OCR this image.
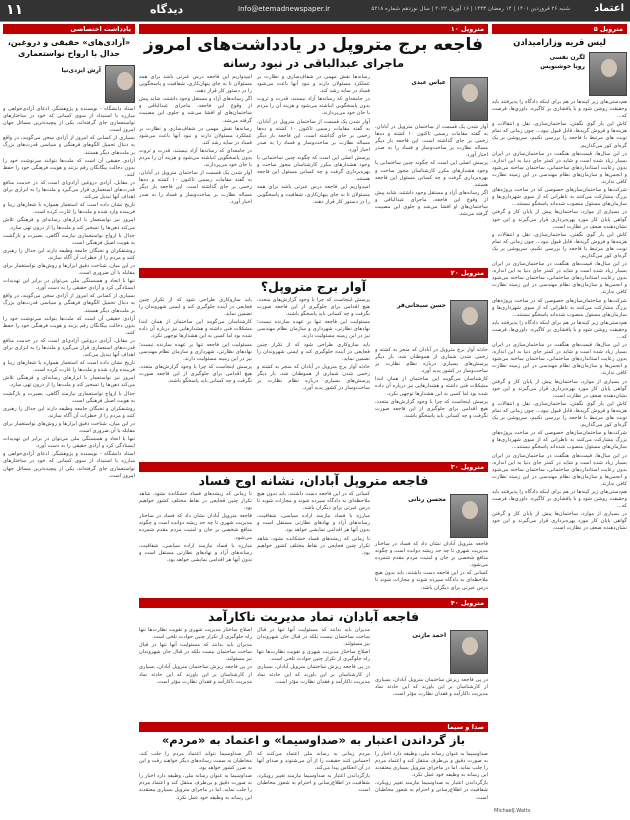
۱۱	دیدگاه	Info@etemadnewspaper.ir	شنبه ۲۶ فروردین ۱۴۰۱ | ۱۴ رمضان ۱۴۴۳ | ۱۶ آوریل ۲۰۲۲ | سال نوزدهم شماره ۵۲۱۸ اعتماد
متروپل ۵
لیس قریه وزارامیدادن
لگرن نفسی
رویا خوشنویس

هم‌دستی‌های زیر کینه‌ها در هم برای اینکه دادگاه را پذیرفتند باید وحقیقت روشن شود و با پافشاری بر کاگیره. داوري‌ها، فرصت كه...

کاش این بار گوی نگفتن، ساختمان‌سازی، نقل و انتقالات و هزینه‌ها و فروش گریه‌ها، قابل قبول نبود... چون زمانی که تمام نوبت های مرتبط با فاجعه را بررسی نکنیم، سرپوشی بر یک گره‌ای کور می‌گذاریم.

در این سال‌ها، قیمت‌های هنگفت در ساختمان‌سازی در ایران بسیار زیاد شده است و شاید در کمتر جای دنیا به این اندازه، بدون رعایت استانداردهای ساختمانی، ساختمان ساخته می‌شود و انجمن‌ها و سازمان‌های نظام مهندسی در این زمینه نظارت کافی ندارند.

شرکت‌ها و ساختمان‌سازهای خصوصی که در ساخت پروژه‌های بزرگ مشارکت می‌کنند به ناظرانی که از سوی شهرداری‌ها و سازمان‌های مسئول منصوب شده‌اند پاسخگو نیستند...

در بسیاری از موارد، ساختمان‌ها پیش از پایان کار و گرفتن گواهی پایان کار مورد بهره‌برداری قرار می‌گیرند و این خود نشان‌دهنده ضعف در نظارت است.

کاش این بار گوی نگفتن، ساختمان‌سازی، نقل و انتقالات و هزینه‌ها و فروش گریه‌ها، قابل قبول نبود... چون زمانی که تمام نوبت های مرتبط با فاجعه را بررسی نکنیم، سرپوشی بر یک گره‌ای کور می‌گذاریم.

در این سال‌ها، قیمت‌های هنگفت در ساختمان‌سازی در ایران بسیار زیاد شده است و شاید در کمتر جای دنیا به این اندازه، بدون رعایت استانداردهای ساختمانی، ساختمان ساخته می‌شود و انجمن‌ها و سازمان‌های نظام مهندسی در این زمینه نظارت کافی ندارند.

شرکت‌ها و ساختمان‌سازهای خصوصی که در ساخت پروژه‌های بزرگ مشارکت می‌کنند به ناظرانی که از سوی شهرداری‌ها و سازمان‌های مسئول منصوب شده‌اند پاسخگو نیستند...

هم‌دستی‌های زیر کینه‌ها در هم برای اینکه دادگاه را پذیرفتند باید وحقیقت روشن شود و با پافشاری بر کاگیره. داوري‌ها، فرصت كه...

در این سال‌ها، قیمت‌های هنگفت در ساختمان‌سازی در ایران بسیار زیاد شده است و شاید در کمتر جای دنیا به این اندازه، بدون رعایت استانداردهای ساختمانی، ساختمان ساخته می‌شود و انجمن‌ها و سازمان‌های نظام مهندسی در این زمینه نظارت کافی ندارند.

در بسیاری از موارد، ساختمان‌ها پیش از پایان کار و گرفتن گواهی پایان کار مورد بهره‌برداری قرار می‌گیرند و این خود نشان‌دهنده ضعف در نظارت است.

کاش این بار گوی نگفتن، ساختمان‌سازی، نقل و انتقالات و هزینه‌ها و فروش گریه‌ها، قابل قبول نبود... چون زمانی که تمام نوبت های مرتبط با فاجعه را بررسی نکنیم، سرپوشی بر یک گره‌ای کور می‌گذاریم.

شرکت‌ها و ساختمان‌سازهای خصوصی که در ساخت پروژه‌های بزرگ مشارکت می‌کنند به ناظرانی که از سوی شهرداری‌ها و سازمان‌های مسئول منصوب شده‌اند پاسخگو نیستند...

در این سال‌ها، قیمت‌های هنگفت در ساختمان‌سازی در ایران بسیار زیاد شده است و شاید در کمتر جای دنیا به این اندازه، بدون رعایت استانداردهای ساختمانی، ساختمان ساخته می‌شود و انجمن‌ها و سازمان‌های نظام مهندسی در این زمینه نظارت کافی ندارند.

هم‌دستی‌های زیر کینه‌ها در هم برای اینکه دادگاه را پذیرفتند باید وحقیقت روشن شود و با پافشاری بر کاگیره. داوري‌ها، فرصت كه...

در بسیاری از موارد، ساختمان‌ها پیش از پایان کار و گرفتن گواهی پایان کار مورد بهره‌برداری قرار می‌گیرند و این خود نشان‌دهنده ضعف در نظارت است.

MichaelJ.Watts
متروپل ۱۰
فاجعه برج متروپل در یادداشت‌های امروز
ماجرای عبدالباقی در نبود رسانه
عباس عبدی

آوار شدن یک قسمت از ساختمان متروپل در آبادان، به گفته مقامات رسمی تاکنون ۱۰ کشته و ده‌ها زخمی بر جای گذاشته است. این فاجعه بار دیگر مساله نظارت بر ساخت‌وساز و فساد را به صدر اخبار آورد.

پرسش اصلی این است که چگونه چنین ساختمانی با وجود هشدارهای مکرر کارشناسان مجوز ساخت و بهره‌برداری گرفت و چه کسانی مسئول این فاجعه هستند.

اگر رسانه‌های آزاد و مستقل وجود داشتند، شاید پیش از وقوع این فاجعه، ماجرای عبدالباقی و ساختمان‌های او افشا می‌شد و جلوی این مصیبت گرفته می‌شد.

رسانه‌ها نقش مهمی در شفاف‌سازی و نظارت بر عملکرد مسئولان دارند و نبود آنها باعث می‌شود فساد در سایه رشد کند.

در جامعه‌ای که رسانه‌ها آزاد نیستند، قدرت و ثروت بدون پاسخگویی انباشته می‌شود و هزینه آن را مردم با جان خود می‌پردازند.

آوار شدن یک قسمت از ساختمان متروپل در آبادان، به گفته مقامات رسمی تاکنون ۱۰ کشته و ده‌ها زخمی بر جای گذاشته است. این فاجعه بار دیگر مساله نظارت بر ساخت‌وساز و فساد را به صدر اخبار آورد.

پرسش اصلی این است که چگونه چنین ساختمانی با وجود هشدارهای مکرر کارشناسان مجوز ساخت و بهره‌برداری گرفت و چه کسانی مسئول این فاجعه هستند.

امیدواریم این فاجعه درس عبرتی باشد برای همه مسئولان تا به جای پنهان‌کاری، شفافیت و پاسخگویی را در دستور کار قرار دهند.

امیدواریم این فاجعه درس عبرتی باشد برای همه مسئولان تا به جای پنهان‌کاری، شفافیت و پاسخگویی را در دستور کار قرار دهند.

اگر رسانه‌های آزاد و مستقل وجود داشتند، شاید پیش از وقوع این فاجعه، ماجرای عبدالباقی و ساختمان‌های او افشا می‌شد و جلوی این مصیبت گرفته می‌شد.

رسانه‌ها نقش مهمی در شفاف‌سازی و نظارت بر عملکرد مسئولان دارند و نبود آنها باعث می‌شود فساد در سایه رشد کند.

در جامعه‌ای که رسانه‌ها آزاد نیستند، قدرت و ثروت بدون پاسخگویی انباشته می‌شود و هزینه آن را مردم با جان خود می‌پردازند.

آوار شدن یک قسمت از ساختمان متروپل در آبادان، به گفته مقامات رسمی تاکنون ۱۰ کشته و ده‌ها زخمی بر جای گذاشته است. این فاجعه بار دیگر مساله نظارت بر ساخت‌وساز و فساد را به صدر اخبار آورد.

متروپل ۲۰
آوار برج متروپل؟
حسن سبحانی‌فر

حادثه آوار برج متروپل در آبادان که منجر به کشته و زخمی شدن شماری از هموطنان شد، بار دیگر پرسش‌های بسیاری درباره نظام نظارت بر ساخت‌وساز در کشور پدید آورد.

کارشناسان می‌گویند این ساختمان از همان ابتدا مشکلات فنی داشته و هشدارهایی نیز درباره آن داده شده بود اما کسی به این هشدارها توجهی نکرد.

پرسش اینجاست که چرا با وجود گزارش‌های متعدد، هیچ اقدامی برای جلوگیری از این فاجعه صورت نگرفت و چه کسانی باید پاسخگو باشند.

پرسش اینجاست که چرا با وجود گزارش‌های متعدد، هیچ اقدامی برای جلوگیری از این فاجعه صورت نگرفت و چه کسانی باید پاسخگو باشند.

مسئولیت این فاجعه تنها بر عهده سازنده نیست؛ نهادهای نظارتی، شهرداری و سازمان نظام مهندسی نیز در این زمینه مسئولیت دارند.

باید سازوکاری طراحی شود که از تکرار چنین فجایعی در آینده جلوگیری کند و ایمنی شهروندان را تضمین نماید.

حادثه آوار برج متروپل در آبادان که منجر به کشته و زخمی شدن شماری از هموطنان شد، بار دیگر پرسش‌های بسیاری درباره نظام نظارت بر ساخت‌وساز در کشور پدید آورد.

باید سازوکاری طراحی شود که از تکرار چنین فجایعی در آینده جلوگیری کند و ایمنی شهروندان را تضمین نماید.

کارشناسان می‌گویند این ساختمان از همان ابتدا مشکلات فنی داشته و هشدارهایی نیز درباره آن داده شده بود اما کسی به این هشدارها توجهی نکرد.

مسئولیت این فاجعه تنها بر عهده سازنده نیست؛ نهادهای نظارتی، شهرداری و سازمان نظام مهندسی نیز در این زمینه مسئولیت دارند.

پرسش اینجاست که چرا با وجود گزارش‌های متعدد، هیچ اقدامی برای جلوگیری از این فاجعه صورت نگرفت و چه کسانی باید پاسخگو باشند.

متروپل ۳۰
فاجعه متروپل آبادان، نشانه اوج فساد
محسن رنانی

فاجعه متروپل آبادان نشان داد که فساد در ساختار مدیریت شهری تا چه حد ریشه دوانده است و چگونه منافع شخصی بر جان و امنیت مردم مقدم شمرده می‌شود.

کسانی که در این فاجعه دست داشتند، باید بدون هیچ ملاحظه‌ای به دادگاه سپرده شوند و مجازات شوند تا درس عبرتی برای دیگران باشد.

کسانی که در این فاجعه دست داشتند، باید بدون هیچ ملاحظه‌ای به دادگاه سپرده شوند و مجازات شوند تا درس عبرتی برای دیگران باشد.

مبارزه با فساد نیازمند اراده سیاسی، شفافیت، رسانه‌های آزاد و نهادهای نظارتی مستقل است و بدون آنها هر اقدامی نمایشی خواهد بود.

تا زمانی که ریشه‌های فساد خشکانده نشود، شاهد تکرار چنین فجایعی در نقاط مختلف کشور خواهیم بود.

تا زمانی که ریشه‌های فساد خشکانده نشود، شاهد تکرار چنین فجایعی در نقاط مختلف کشور خواهیم بود.

فاجعه متروپل آبادان نشان داد که فساد در ساختار مدیریت شهری تا چه حد ریشه دوانده است و چگونه منافع شخصی بر جان و امنیت مردم مقدم شمرده می‌شود.

مبارزه با فساد نیازمند اراده سیاسی، شفافیت، رسانه‌های آزاد و نهادهای نظارتی مستقل است و بدون آنها هر اقدامی نمایشی خواهد بود.

متروپل ۴۰
فاجعه آبادان، نماد مدیریت ناکارآمد
احمد مازنی

در پی فاجعه ریزش ساختمان متروپل آبادان، بسیاری از کارشناسان بر این باورند که این حادثه نماد مدیریت ناکارآمد و فقدان نظارت مؤثر است.

مدیران باید بدانند که مسئولیت آنها تنها در قبال ساخت ساختمان نیست بلکه در قبال جان شهروندان نیز مسئولند.

اصلاح ساختار مدیریت شهری و تقویت نظارت‌ها تنها راه جلوگیری از تکرار چنین حوادث تلخی است.

در پی فاجعه ریزش ساختمان متروپل آبادان، بسیاری از کارشناسان بر این باورند که این حادثه نماد مدیریت ناکارآمد و فقدان نظارت مؤثر است.

اصلاح ساختار مدیریت شهری و تقویت نظارت‌ها تنها راه جلوگیری از تکرار چنین حوادث تلخی است.

مدیران باید بدانند که مسئولیت آنها تنها در قبال ساخت ساختمان نیست بلکه در قبال جان شهروندان نیز مسئولند.

در پی فاجعه ریزش ساختمان متروپل آبادان، بسیاری از کارشناسان بر این باورند که این حادثه نماد مدیریت ناکارآمد و فقدان نظارت مؤثر است.

صدا و سیما
باز گرداندن اعتبار به «صداوسیما» و اعتماد به «مردم»

صداوسیما به عنوان رسانه ملی، وظیفه دارد اخبار را به صورت دقیق و بی‌طرف منتقل کند و اعتماد مردم را جلب نماید. اما در ماجرای متروپل بسیاری معتقدند این رسانه به وظیفه خود عمل نکرد.

بازگرداندن اعتبار به صداوسیما نیازمند تغییر رویکرد، شفافیت در اطلاع‌رسانی و احترام به شعور مخاطبان است.

مردم زمانی به رسانه ملی اعتماد می‌کنند که احساس کنند حقیقت را از آن می‌شنوند و صدای آنها در آن انعکاس پیدا می‌کند.

بازگرداندن اعتبار به صداوسیما نیازمند تغییر رویکرد، شفافیت در اطلاع‌رسانی و احترام به شعور مخاطبان است.

اگر صداوسیما نتواند اعتماد مردم را جلب کند، مخاطبان به سمت رسانه‌های دیگر خواهند رفت و این به ضرر کشور خواهد بود.

صداوسیما به عنوان رسانه ملی، وظیفه دارد اخبار را به صورت دقیق و بی‌طرف منتقل کند و اعتماد مردم را جلب نماید. اما در ماجرای متروپل بسیاری معتقدند این رسانه به وظیفه خود عمل نکرد.

یادداشت اختصاصی
«آزادی‌های» حقیقی و دروغین، جدال با ارواح نواستعماری
آرش ایزدی‌نیا

استاد دانشگاه - نویسنده و پژوهشگر. ادعای آزادی‌خواهی و مبارزه با استبداد از سوی کسانی که خود در ساختارهای نواستعماری جای گرفته‌اند، یکی از پیچیده‌ترین مسائل جهان امروز است.

بسیاری از کسانی که امروز از آزادی سخن می‌گویند، در واقع به دنبال تحمیل الگوهای فرهنگی و سیاسی قدرت‌های بزرگ بر ملت‌های دیگر هستند.

آزادی حقیقی آن است که ملت‌ها بتوانند سرنوشت خود را بدون دخالت بیگانگان رقم بزنند و هویت فرهنگی خود را حفظ کنند.

در مقابل، آزادی دروغین آزادی‌ای است که در خدمت منافع قدرت‌های استعماری قرار می‌گیرد و ملت‌ها را به ابزاری برای اهداف آنها تبدیل می‌کند.

تاریخ نشان داده است که استعمار همواره با شعارهای زیبا و فریبنده وارد شده و ملت‌ها را غارت کرده است.

امروز نیز نواستعمار با ابزارهای رسانه‌ای و فرهنگی تلاش می‌کند ذهن‌ها را تسخیر کند و ملت‌ها را از درون تهی سازد.

جدال با ارواح نواستعماری نیازمند آگاهی، بصیرت و بازگشت به هویت اصیل فرهنگی است.

روشنفکران و نخبگان جامعه وظیفه دارند این جدال را رهبری کنند و مردم را از خطرات آن آگاه سازند.

در این میان، شناخت دقیق ابزارها و روش‌های نواستعمار برای مقابله با آن ضروری است.

تنها با اتحاد و همبستگی ملی می‌توان در برابر این تهدیدات ایستادگی کرد و آزادی حقیقی را به دست آورد.

بسیاری از کسانی که امروز از آزادی سخن می‌گویند، در واقع به دنبال تحمیل الگوهای فرهنگی و سیاسی قدرت‌های بزرگ بر ملت‌های دیگر هستند.

آزادی حقیقی آن است که ملت‌ها بتوانند سرنوشت خود را بدون دخالت بیگانگان رقم بزنند و هویت فرهنگی خود را حفظ کنند.

در مقابل، آزادی دروغین آزادی‌ای است که در خدمت منافع قدرت‌های استعماری قرار می‌گیرد و ملت‌ها را به ابزاری برای اهداف آنها تبدیل می‌کند.

تاریخ نشان داده است که استعمار همواره با شعارهای زیبا و فریبنده وارد شده و ملت‌ها را غارت کرده است.

امروز نیز نواستعمار با ابزارهای رسانه‌ای و فرهنگی تلاش می‌کند ذهن‌ها را تسخیر کند و ملت‌ها را از درون تهی سازد.

جدال با ارواح نواستعماری نیازمند آگاهی، بصیرت و بازگشت به هویت اصیل فرهنگی است.

روشنفکران و نخبگان جامعه وظیفه دارند این جدال را رهبری کنند و مردم را از خطرات آن آگاه سازند.

در این میان، شناخت دقیق ابزارها و روش‌های نواستعمار برای مقابله با آن ضروری است.

تنها با اتحاد و همبستگی ملی می‌توان در برابر این تهدیدات ایستادگی کرد و آزادی حقیقی را به دست آورد.

استاد دانشگاه - نویسنده و پژوهشگر. ادعای آزادی‌خواهی و مبارزه با استبداد از سوی کسانی که خود در ساختارهای نواستعماری جای گرفته‌اند، یکی از پیچیده‌ترین مسائل جهان امروز است.
